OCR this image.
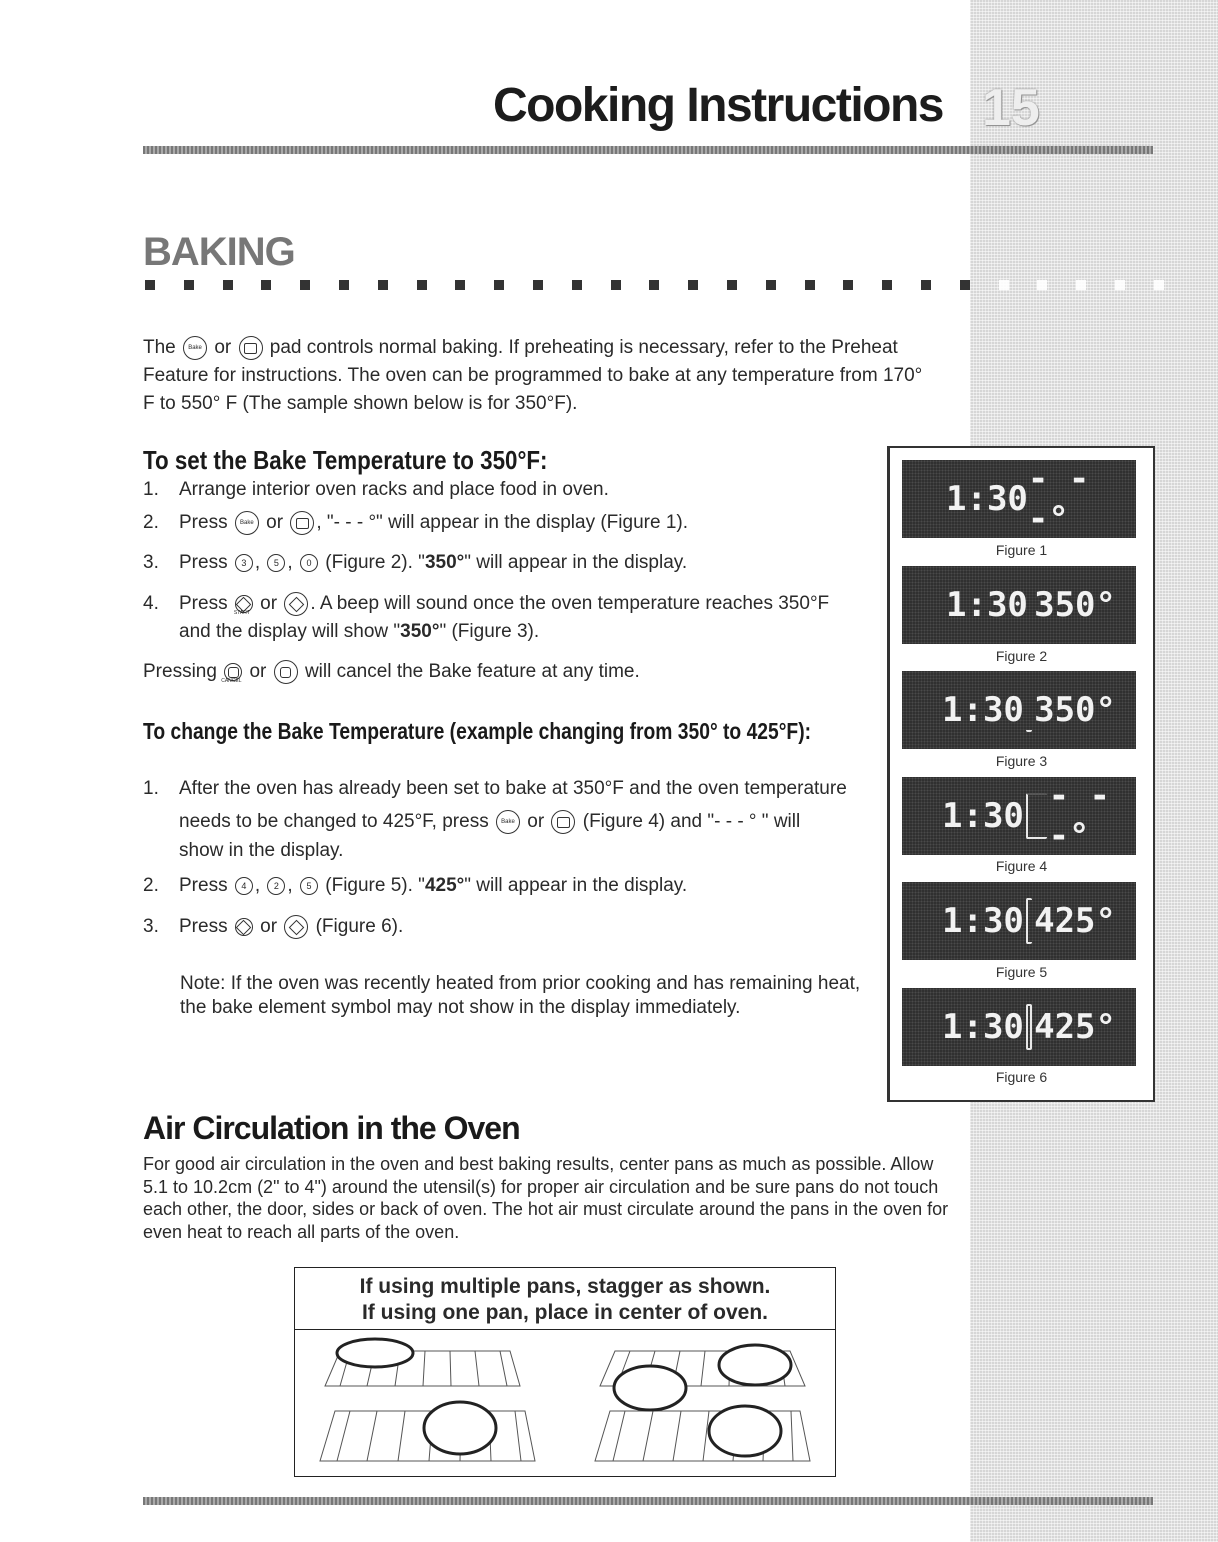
Cooking Instructions 15
BAKING
The Bake or pad controls normal baking. If preheating is necessary, refer to the Preheat
Feature for instructions. The oven can be programmed to bake at any temperature from 170°
F to 550° F (The sample shown below is for 350°F).
To set the Bake Temperature to 350°F:
1. Arrange interior oven racks and place food in oven.
2. Press Bake or , "- - - °" will appear in the display (Figure 1).
3. Press 3 , 5 , 0 (Figure 2). "350°" will appear in the display.
4. Press START or . A beep will sound once the oven temperature reaches 350°F
and the display will show "350°" (Figure 3).
Pressing CANCEL or will cancel the Bake feature at any time.
To change the Bake Temperature (example changing from 350° to 425°F):
1. After the oven has already been set to bake at 350°F and the oven temperature
needs to be changed to 425°F, press Bake or (Figure 4) and "- - - ° " will
show in the display.
2. Press 4 , 2 , 5 (Figure 5). "425°" will appear in the display.
3. Press or (Figure 6).
Note: If the oven was recently heated from prior cooking and has remaining heat, the bake element symbol may not show in the display immediately.
1:30 - - -°
Figure 1
1:30 350°
Figure 2
1:30 350°
Figure 3
1:30 - - -°
Figure 4
1:30 425°
Figure 5
1:30 425°
Figure 6
Air Circulation in the Oven
For good air circulation in the oven and best baking results, center pans as much as possible. Allow 5.1 to 10.2cm (2" to 4") around the utensil(s) for proper air circulation and be sure pans do not touch each other, the door, sides or back of oven. The hot air must circulate around the pans in the oven for even heat to reach all parts of the oven.
If using multiple pans, stagger as shown.
If using one pan, place in center of oven.
